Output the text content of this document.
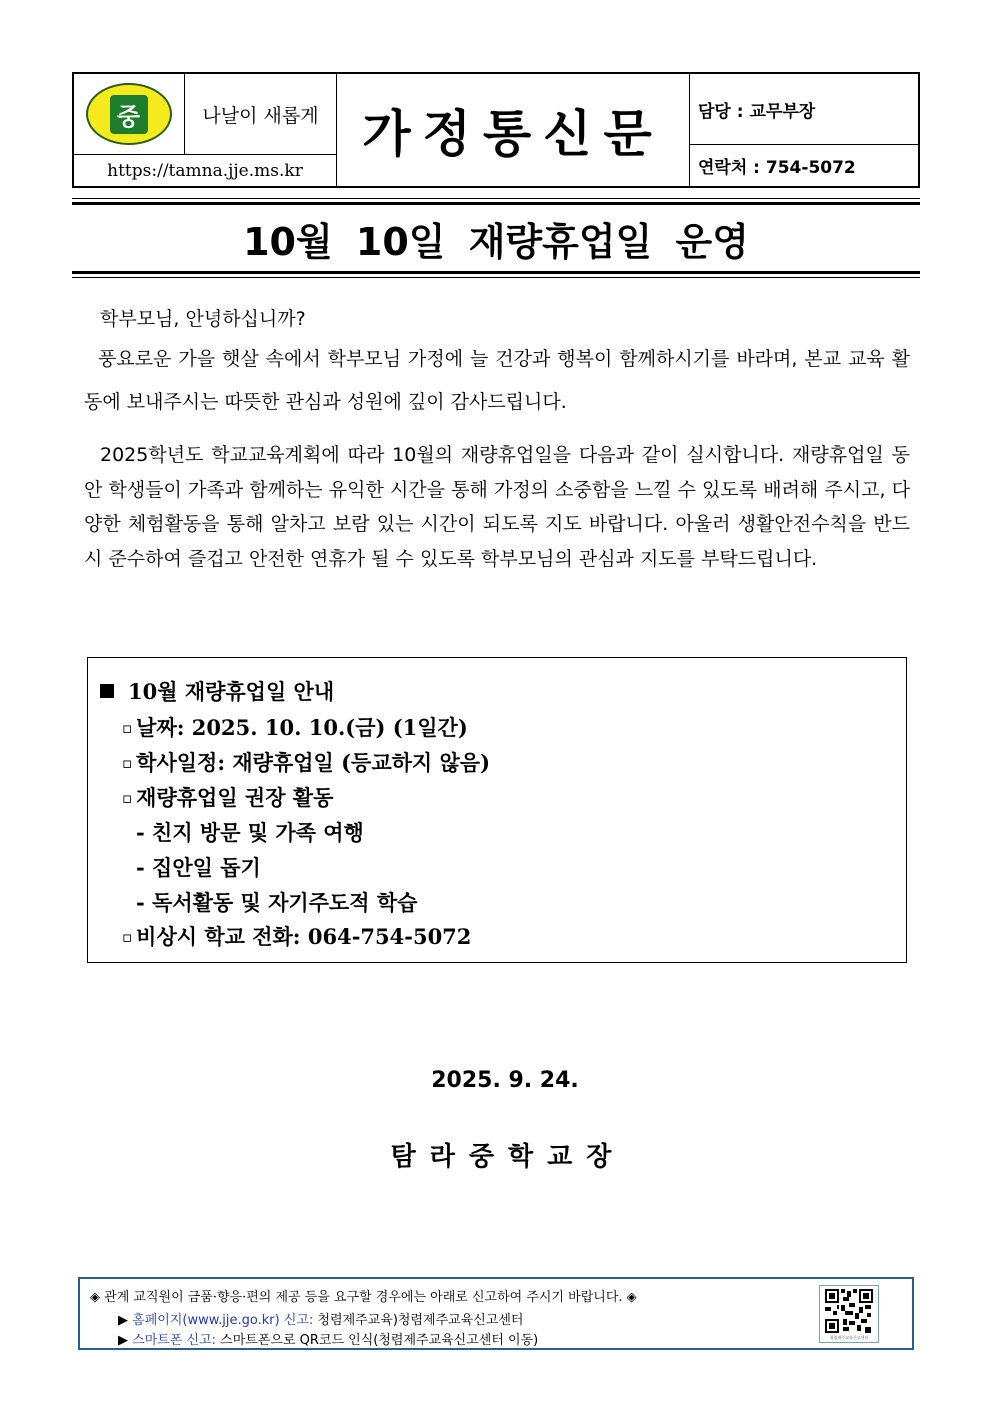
중	나날이 새롭게
https://tamna.jje.ms.kr
가정통신문	담당 : 교무부장
연락처 : 754-5072
10월 10일 재량휴업일 운영
학부모님, 안녕하십니까?
풍요로운 가을 햇살 속에서 학부모님 가정에 늘 건강과 행복이 함께하시기를 바라며, 본교 교육 활동에 보내주시는 따뜻한 관심과 성원에 깊이 감사드립니다.
2025학년도 학교교육계획에 따라 10월의 재량휴업일을 다음과 같이 실시합니다. 재량휴업일 동안 학생들이 가족과 함께하는 유익한 시간을 통해 가정의 소중함을 느낄 수 있도록 배려해 주시고, 다양한 체험활동을 통해 알차고 보람 있는 시간이 되도록 지도 바랍니다. 아울러 생활안전수칙을 반드시 준수하여 즐겁고 안전한 연휴가 될 수 있도록 학부모님의 관심과 지도를 부탁드립니다.
10월 재량휴업일 안내
▫ 날짜: 2025. 10. 10.(금) (1일간)
▫ 학사일정: 재량휴업일 (등교하지 않음)
▫ 재량휴업일 권장 활동
- 친지 방문 및 가족 여행
- 집안일 돕기
- 독서활동 및 자기주도적 학습
▫ 비상시 학교 전화: 064-754-5072
2025. 9. 24.
탐라중학교장
◈ 관계 교직원이 금품·향응·편의 제공 등을 요구할 경우에는 아래로 신고하여 주시기 바랍니다. ◈
▶ 홈페이지(www.jje.go.kr) 신고: 청렴제주교육)청렴제주교육신고센터
▶ 스마트폰 신고: 스마트폰으로 QR코드 인식(청렴제주교육신고센터 이동)	청렴제주교육신고센터
